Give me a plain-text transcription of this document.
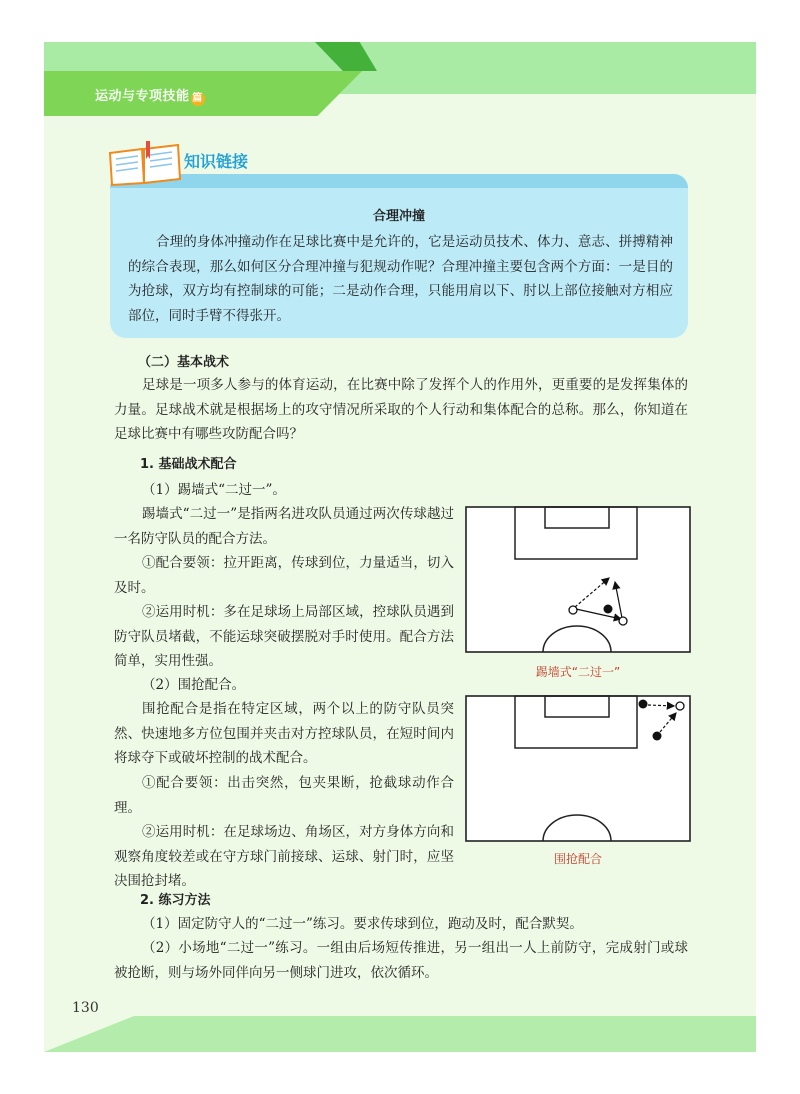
运动与专项技能 篇
知识链接
合理冲撞
合理的身体冲撞动作在足球比赛中是允许的，它是运动员技术、体力、意志、拼搏精神的综合表现，那么如何区分合理冲撞与犯规动作呢？合理冲撞主要包含两个方面：一是目的为抢球，双方均有控制球的可能；二是动作合理，只能用肩以下、肘以上部位接触对方相应部位，同时手臂不得张开。
（二）基本战术
足球是一项多人参与的体育运动，在比赛中除了发挥个人的作用外，更重要的是发挥集体的力量。足球战术就是根据场上的攻守情况所采取的个人行动和集体配合的总称。那么，你知道在足球比赛中有哪些攻防配合吗？
1. 基础战术配合
（1）踢墙式“二过一”。
踢墙式“二过一”是指两名进攻队员通过两次传球越过一名防守队员的配合方法。
①配合要领：拉开距离，传球到位，力量适当，切入及时。
②运用时机：多在足球场上局部区域，控球队员遇到防守队员堵截，不能运球突破摆脱对手时使用。配合方法简单，实用性强。
（2）围抢配合。
围抢配合是指在特定区域，两个以上的防守队员突然、快速地多方位包围并夹击对方控球队员，在短时间内将球夺下或破坏控制的战术配合。
①配合要领：出击突然，包夹果断，抢截球动作合理。
②运用时机：在足球场边、角场区，对方身体方向和观察角度较差或在守方球门前接球、运球、射门时，应坚决围抢封堵。
踢墙式“二过一”
围抢配合
2. 练习方法
（1）固定防守人的“二过一”练习。要求传球到位，跑动及时，配合默契。
（2）小场地“二过一”练习。一组由后场短传推进，另一组出一人上前防守，完成射门或球被抢断，则与场外同伴向另一侧球门进攻，依次循环。
130
